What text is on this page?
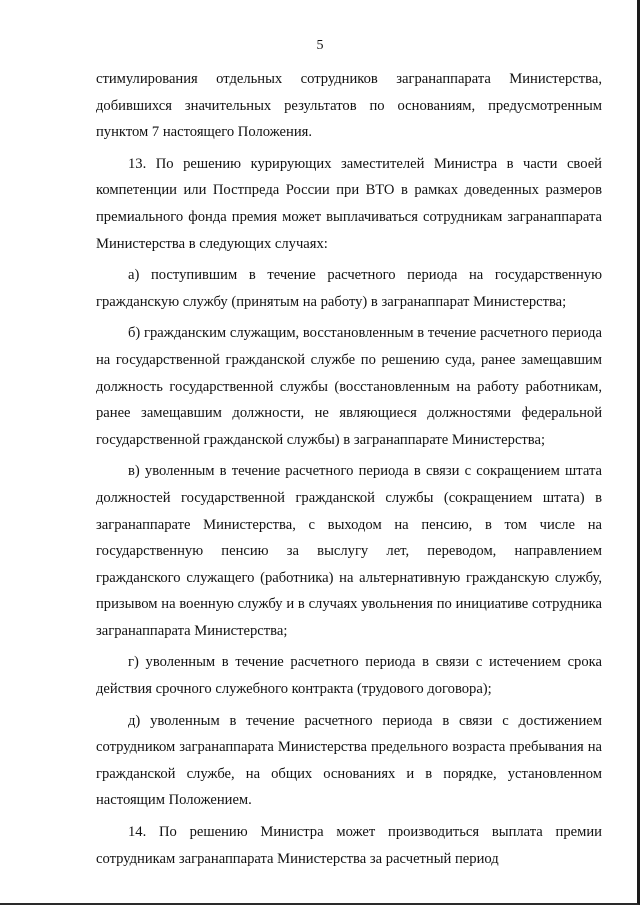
5

стимулирования отдельных сотрудников загранаппарата Министерства, добившихся значительных результатов по основаниям, предусмотренным пунктом 7 настоящего Положения.

13. По решению курирующих заместителей Министра в части своей компетенции или Постпреда России при ВТО в рамках доведенных размеров премиального фонда премия может выплачиваться сотрудникам загранаппарата Министерства в следующих случаях:

а) поступившим в течение расчетного периода на государственную гражданскую службу (принятым на работу) в загранаппарат Министерства;

б) гражданским служащим, восстановленным в течение расчетного периода на государственной гражданской службе по решению суда, ранее замещавшим должность государственной службы (восстановленным на работу работникам, ранее замещавшим должности, не являющиеся должностями федеральной государственной гражданской службы) в загранаппарате Министерства;

в) уволенным в течение расчетного периода в связи с сокращением штата должностей государственной гражданской службы (сокращением штата) в загранаппарате Министерства, с выходом на пенсию, в том числе на государственную пенсию за выслугу лет, переводом, направлением гражданского служащего (работника) на альтернативную гражданскую службу, призывом на военную службу и в случаях увольнения по инициативе сотрудника загранаппарата Министерства;

г) уволенным в течение расчетного периода в связи с истечением срока действия срочного служебного контракта (трудового договора);

д) уволенным в течение расчетного периода в связи с достижением сотрудником загранаппарата Министерства предельного возраста пребывания на гражданской службе, на общих основаниях и в порядке, установленном настоящим Положением.

14. По решению Министра может производиться выплата премии сотрудникам загранаппарата Министерства за расчетный период
